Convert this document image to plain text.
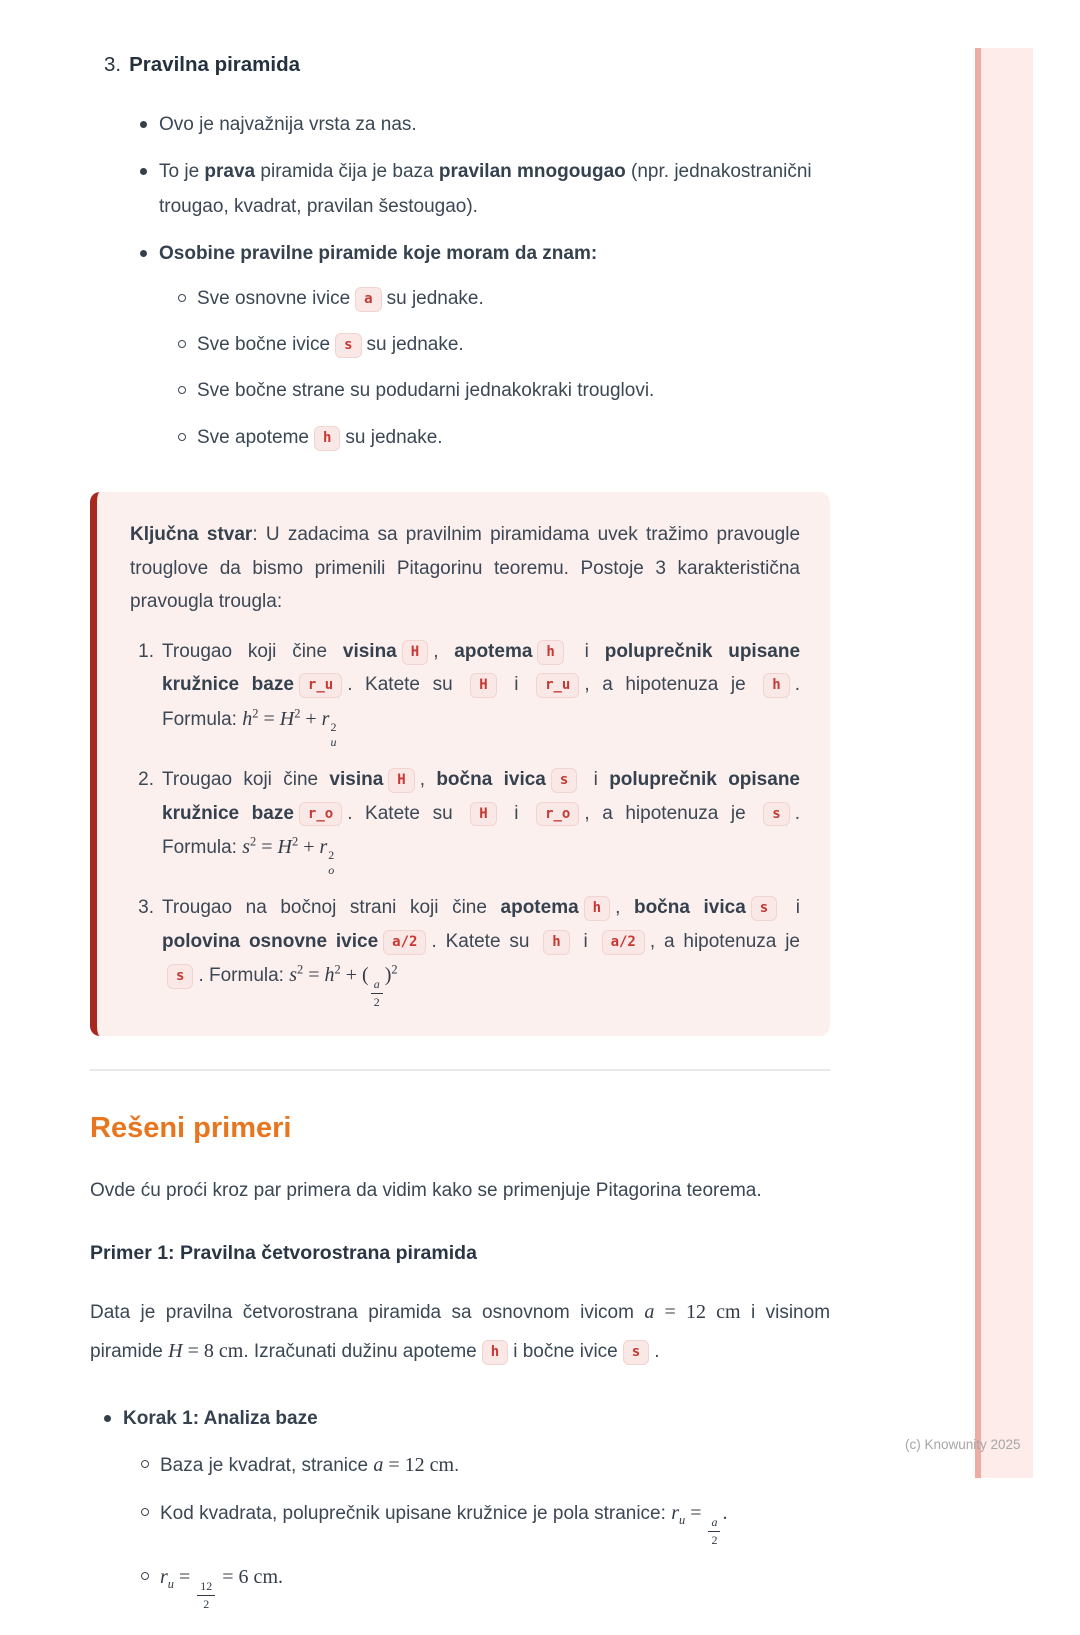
3. Pravilna piramida
Ovo je najvažnija vrsta za nas.
To je prava piramida čija je baza pravilan mnogougao (npr. jednakostranični trougao, kvadrat, pravilan šestougao).
Osobine pravilne piramide koje moram da znam:
Sve osnovne ivice a su jednake.
Sve bočne ivice s su jednake.
Sve bočne strane su podudarni jednakokraki trouglovi.
Sve apoteme h su jednake.

Ključna stvar: U zadacima sa pravilnim piramidama uvek tražimo pravougle trouglove da bismo primenili Pitagorinu teoremu. Postoje 3 karakteristična pravougla trougla:

1. Trougao koji čine visina H , apotema h i poluprečnik upisane kružnice baze r_u . Katete su H i r_u , a hipotenuza je h . Formula: $h^2 = H^2 + r$ 2
u
2. Trougao koji čine visina H , bočna ivica s i poluprečnik opisane kružnice baze r_o . Katete su H i r_o , a hipotenuza je s . Formula: $s^2 = H^2 + r$ 2
o
3. Trougao na bočnoj strani koji čine apotema h , bočna ivica s i polovina osnovne ivice a/2 . Katete su h i a/2 , a hipotenuza je s . Formula: $s^2 = h^2$ + (
$\frac{a}{2}$
)$^2$
Rešeni primeri

Ovde ću proći kroz par primera da vidim kako se primenjuje Pitagorina teorema.

Primer 1: Pravilna četvorostrana piramida

Data je pravilna četvorostrana piramida sa osnovnom ivicom a = 12 cm i visinom piramide H = 8 cm. Izračunati dužinu apoteme h i bočne ivice s .

Korak 1: Analiza baze
Baza je kvadrat, stranice a = 12 cm.
Kod kvadrata, poluprečnik upisane kružnice je pola stranice: $r_u$ =
$\frac{a}{2}$
.
$r_u$ =
$\frac{12}{2}$
= 6 cm.
(c) Knowunity 2025
